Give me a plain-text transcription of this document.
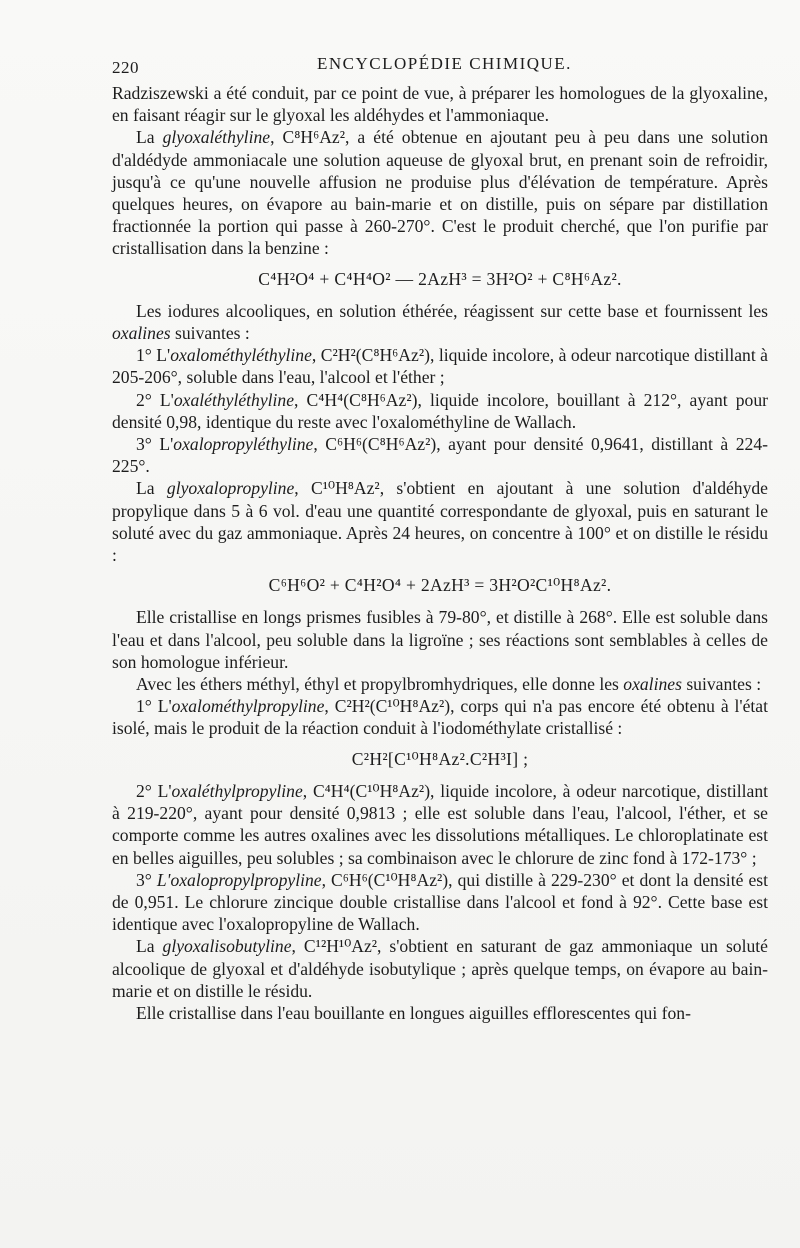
220	ENCYCLOPÉDIE CHIMIQUE.

Radziszewski a été conduit, par ce point de vue, à préparer les homologues de la glyoxaline, en faisant réagir sur le glyoxal les aldéhydes et l'ammoniaque.

La glyoxaléthyline, C⁸H⁶Az², a été obtenue en ajoutant peu à peu dans une solution d'aldédyde ammoniacale une solution aqueuse de glyoxal brut, en prenant soin de refroidir, jusqu'à ce qu'une nouvelle affusion ne produise plus d'élévation de température. Après quelques heures, on évapore au bain-marie et on distille, puis on sépare par distillation fractionnée la portion qui passe à 260-270°. C'est le produit cherché, que l'on purifie par cristallisation dans la benzine :

C⁴H²O⁴ + C⁴H⁴O² — 2AzH³ = 3H²O² + C⁸H⁶Az².

Les iodures alcooliques, en solution éthérée, réagissent sur cette base et fournissent les oxalines suivantes :

1° L'oxalométhyléthyline, C²H²(C⁸H⁶Az²), liquide incolore, à odeur narcotique distillant à 205-206°, soluble dans l'eau, l'alcool et l'éther ;

2° L'oxaléthyléthyline, C⁴H⁴(C⁸H⁶Az²), liquide incolore, bouillant à 212°, ayant pour densité 0,98, identique du reste avec l'oxalométhyline de Wallach.

3° L'oxalopropyléthyline, C⁶H⁶(C⁸H⁶Az²), ayant pour densité 0,9641, distillant à 224-225°.

La glyoxalopropyline, C¹⁰H⁸Az², s'obtient en ajoutant à une solution d'aldéhyde propylique dans 5 à 6 vol. d'eau une quantité correspondante de glyoxal, puis en saturant le soluté avec du gaz ammoniaque. Après 24 heures, on concentre à 100° et on distille le résidu :

C⁶H⁶O² + C⁴H²O⁴ + 2AzH³ = 3H²O²C¹⁰H⁸Az².

Elle cristallise en longs prismes fusibles à 79-80°, et distille à 268°. Elle est soluble dans l'eau et dans l'alcool, peu soluble dans la ligroïne ; ses réactions sont semblables à celles de son homologue inférieur.

Avec les éthers méthyl, éthyl et propylbromhydriques, elle donne les oxalines suivantes :

1° L'oxalométhylpropyline, C²H²(C¹⁰H⁸Az²), corps qui n'a pas encore été obtenu à l'état isolé, mais le produit de la réaction conduit à l'iodométhylate cristallisé :

C²H²[C¹⁰H⁸Az².C²H³I] ;

2° L'oxaléthylpropyline, C⁴H⁴(C¹⁰H⁸Az²), liquide incolore, à odeur narcotique, distillant à 219-220°, ayant pour densité 0,9813 ; elle est soluble dans l'eau, l'alcool, l'éther, et se comporte comme les autres oxalines avec les dissolutions métalliques. Le chloroplatinate est en belles aiguilles, peu solubles ; sa combinaison avec le chlorure de zinc fond à 172-173° ;

3° L'oxalopropylpropyline, C⁶H⁶(C¹⁰H⁸Az²), qui distille à 229-230° et dont la densité est de 0,951. Le chlorure zincique double cristallise dans l'alcool et fond à 92°. Cette base est identique avec l'oxalopropyline de Wallach.

La glyoxalisobutyline, C¹²H¹⁰Az², s'obtient en saturant de gaz ammoniaque un soluté alcoolique de glyoxal et d'aldéhyde isobutylique ; après quelque temps, on évapore au bain-marie et on distille le résidu.

Elle cristallise dans l'eau bouillante en longues aiguilles efflorescentes qui fon-
